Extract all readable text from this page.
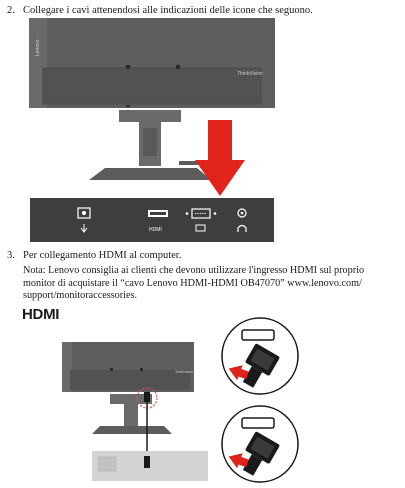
2. Collegare i cavi attenendosi alle indicazioni delle icone che seguono.
Lenovo
ThinkVision
HDMI
3. Per collegamento HDMI al computer.
Nota: Lenovo consiglia ai clienti che devono utilizzare l'ingresso HDMI sul proprio
monitor di acquistare il “cavo Lenovo HDMI-HDMI OB47070” www.lenovo.com/
support/monitoraccessories.
HDMI
ThinkVision
